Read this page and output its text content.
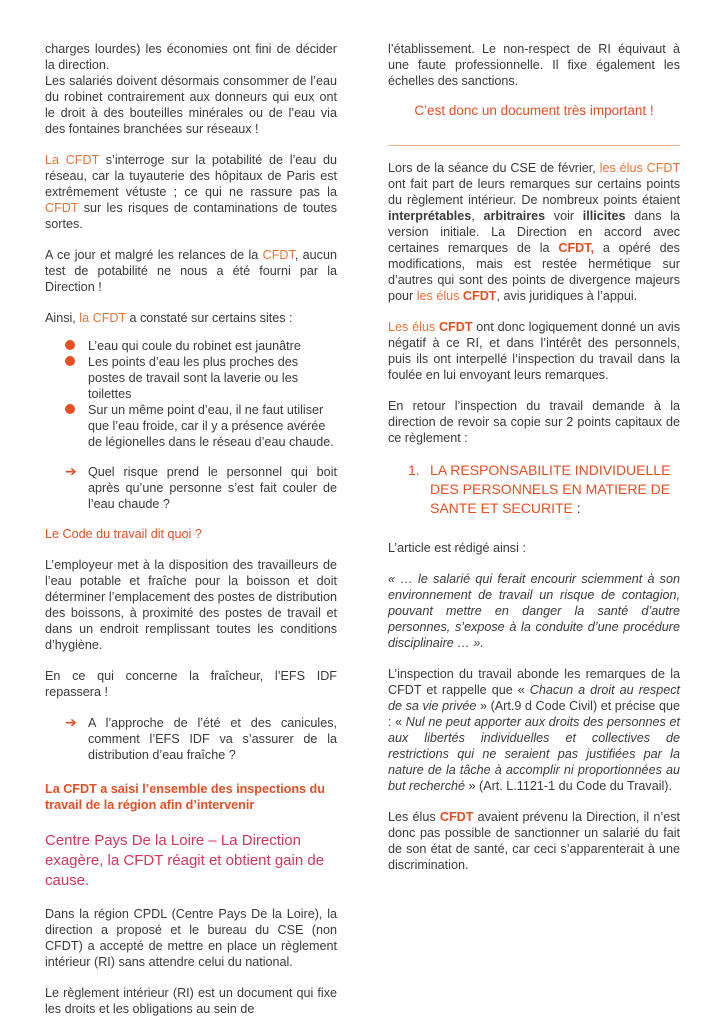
charges lourdes) les économies ont fini de décider la direction.

Les salariés doivent désormais consommer de l’eau du robinet contrairement aux donneurs qui eux ont le droit à des bouteilles minérales ou de l’eau via des fontaines branchées sur réseaux !

La CFDT s’interroge sur la potabilité de l’eau du réseau, car la tuyauterie des hôpitaux de Paris est extrêmement vétuste ; ce qui ne rassure pas la CFDT sur les risques de contaminations de toutes sortes.

A ce jour et malgré les relances de la CFDT, aucun test de potabilité ne nous a été fourni par la Direction !

Ainsi, la CFDT a constaté sur certains sites :

L’eau qui coule du robinet est jaunâtre
Les points d’eau les plus proches des postes de travail sont la laverie ou les toilettes
Sur un même point d’eau, il ne faut utiliser que l’eau froide, car il y a présence avérée de légionelles dans le réseau d’eau chaude.
➔ Quel risque prend le personnel qui boit après qu’une personne s’est fait couler de l’eau chaude ?
Le Code du travail dit quoi ?

L’employeur met à la disposition des travailleurs de l’eau potable et fraîche pour la boisson et doit déterminer l’emplacement des postes de distribution des boissons, à proximité des postes de travail et dans un endroit remplissant toutes les conditions d’hygiène.

En ce qui concerne la fraîcheur, l’EFS IDF repassera !

➔ A l’approche de l’été et des canicules, comment l’EFS IDF va s’assurer de la distribution d’eau fraîche ?
La CFDT a saisi l’ensemble des inspections du travail de la région afin d’intervenir
Centre Pays De la Loire – La Direction exagère, la CFDT réagit et obtient gain de cause.

Dans la région CPDL (Centre Pays De la Loire), la direction a proposé et le bureau du CSE (non CFDT) a accepté de mettre en place un règlement intérieur (RI) sans attendre celui du national.

Le règlement intérieur (RI) est un document qui fixe les droits et les obligations au sein de

l’établissement. Le non-respect de RI équivaut à une faute professionnelle. Il fixe également les échelles des sanctions.

C’est donc un document très important !

Lors de la séance du CSE de février, les élus CFDT ont fait part de leurs remarques sur certains points du règlement intérieur. De nombreux points étaient interprétables, arbitraires voir illicites dans la version initiale. La Direction en accord avec certaines remarques de la CFDT, a opéré des modifications, mais est restée hermétique sur d’autres qui sont des points de divergence majeurs pour les élus CFDT, avis juridiques à l’appui.

Les élus CFDT ont donc logiquement donné un avis négatif à ce RI, et dans l’intérêt des personnels, puis ils ont interpellé l’inspection du travail dans la foulée en lui envoyant leurs remarques.

En retour l’inspection du travail demande à la direction de revoir sa copie sur 2 points capitaux de ce règlement :

1. LA RESPONSABILITE INDIVIDUELLE DES PERSONNELS EN MATIERE DE SANTE ET SECURITE :

L’article est rédigé ainsi :

« … le salarié qui ferait encourir sciemment à son environnement de travail un risque de contagion, pouvant mettre en danger la santé d’autre personnes, s’expose à la conduite d’une procédure disciplinaire … ».

L’inspection du travail abonde les remarques de la CFDT et rappelle que « Chacun a droit au respect de sa vie privée » (Art.9 d Code Civil) et précise que : « Nul ne peut apporter aux droits des personnes et aux libertés individuelles et collectives de restrictions qui ne seraient pas justifiées par la nature de la tâche à accomplir ni proportionnées au but recherché » (Art. L.1121-1 du Code du Travail).

Les élus CFDT avaient prévenu la Direction, il n’est donc pas possible de sanctionner un salarié du fait de son état de santé, car ceci s’apparenterait à une discrimination.
